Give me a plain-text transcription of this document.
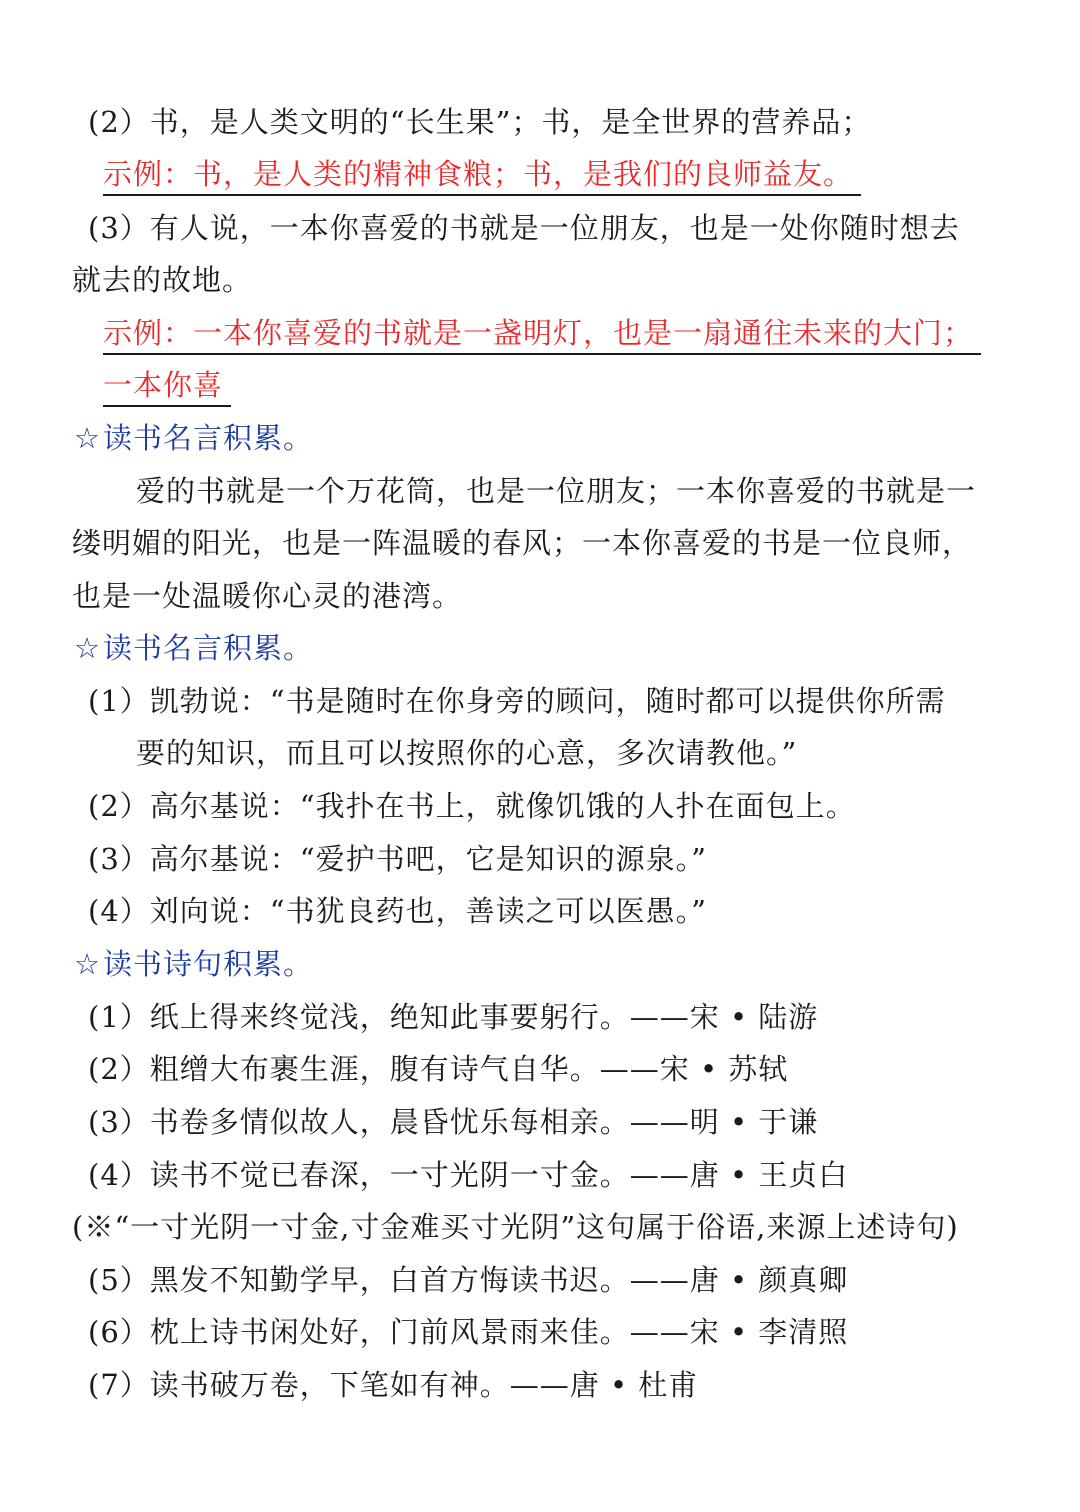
(2）书，是人类文明的“长生果”；书，是全世界的营养品；
示例：书，是人类的精神食粮；书，是我们的良师益友。
(3）有人说，一本你喜爱的书就是一位朋友，也是一处你随时想去
就去的故地。
示例：一本你喜爱的书就是一盏明灯，也是一扇通往未来的大门；
一本你喜
☆读书名言积累。
爱的书就是一个万花筒，也是一位朋友；一本你喜爱的书就是一
缕明媚的阳光，也是一阵温暖的春风；一本你喜爱的书是一位良师，
也是一处温暖你心灵的港湾。
☆读书名言积累。
(1）凯勃说：“书是随时在你身旁的顾问，随时都可以提供你所需
要的知识，而且可以按照你的心意，多次请教他。”
(2）高尔基说：“我扑在书上，就像饥饿的人扑在面包上。
(3）高尔基说：“爱护书吧，它是知识的源泉。”
(4）刘向说：“书犹良药也，善读之可以医愚。”
☆读书诗句积累。
(1）纸上得来终觉浅，绝知此事要躬行。——宋 • 陆游
(2）粗缯大布裹生涯，腹有诗气自华。——宋 • 苏轼
(3）书卷多情似故人，晨昏忧乐每相亲。——明 • 于谦
(4）读书不觉已春深，一寸光阴一寸金。——唐 • 王贞白
(※“一寸光阴一寸金,寸金难买寸光阴”这句属于俗语,来源上述诗句)
(5）黑发不知勤学早，白首方悔读书迟。——唐 • 颜真卿
(6）枕上诗书闲处好，门前风景雨来佳。——宋 • 李清照
(7）读书破万卷，下笔如有神。——唐 • 杜甫
